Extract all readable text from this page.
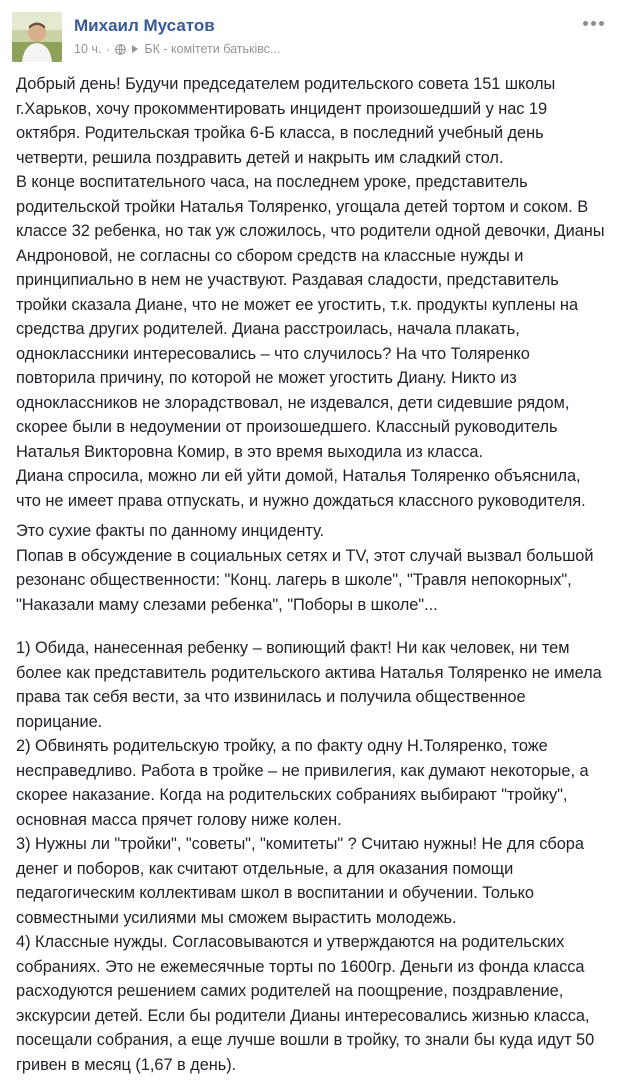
Михаил Мусатов
10 ч. ·	БК - комітети батьківс...

Добрый день! Будучи председателем родительского совета 151 школы г.Харьков, хочу прокомментировать инцидент произошедший у нас 19 октября. Родительская тройка 6-Б класса, в последний учебный день четверти, решила поздравить детей и накрыть им сладкий стол.
В конце воспитательного часа, на последнем уроке, представитель родительской тройки Наталья Толяренко, угощала детей тортом и соком. В классе 32 ребенка, но так уж сложилось, что родители одной девочки, Дианы Андроновой, не согласны со сбором средств на классные нужды и принципиально в нем не участвуют. Раздавая сладости, представитель тройки сказала Диане, что не может ее угостить, т.к. продукты куплены на средства других родителей. Диана расстроилась, начала плакать, одноклассники интересовались – что случилось? На что Толяренко повторила причину, по которой не может угостить Диану. Никто из одноклассников не злорадствовал, не издевался, дети сидевшие рядом, скорее были в недоумении от произошедшего. Классный руководитель Наталья Викторовна Комир, в это время выходила из класса.
Диана спросила, можно ли ей уйти домой, Наталья Толяренко объяснила, что не имеет права отпускать, и нужно дождаться классного руководителя.

Это сухие факты по данному инциденту.
Попав в обсуждение в социальных сетях и TV, этот случай вызвал большой резонанс общественности: "Конц. лагерь в школе", "Травля непокорных", "Наказали маму слезами ребенка", "Поборы в школе"...

1) Обида, нанесенная ребенку – вопиющий факт! Ни как человек, ни тем более как представитель родительского актива Наталья Толяренко не имела права так себя вести, за что извинилась и получила общественное порицание.
2) Обвинять родительскую тройку, а по факту одну Н.Толяренко, тоже несправедливо. Работа в тройке – не привилегия, как думают некоторые, а скорее наказание. Когда на родительских собраниях выбирают "тройку", основная масса прячет голову ниже колен.
3) Нужны ли "тройки", "советы", "комитеты" ? Считаю нужны! Не для сбора денег и поборов, как считают отдельные, а для оказания помощи педагогическим коллективам школ в воспитании и обучении. Только совместными усилиями мы сможем вырастить молодежь.
4) Классные нужды. Согласовываются и утверждаются на родительских собраниях. Это не ежемесячные торты по 1600гр. Деньги из фонда класса расходуются решением самих родителей на поощрение, поздравление, экскурсии детей. Если бы родители Дианы интересовались жизнью класса, посещали собрания, а еще лучше вошли в тройку, то знали бы куда идут 50 гривен в месяц (1,67 в день).
